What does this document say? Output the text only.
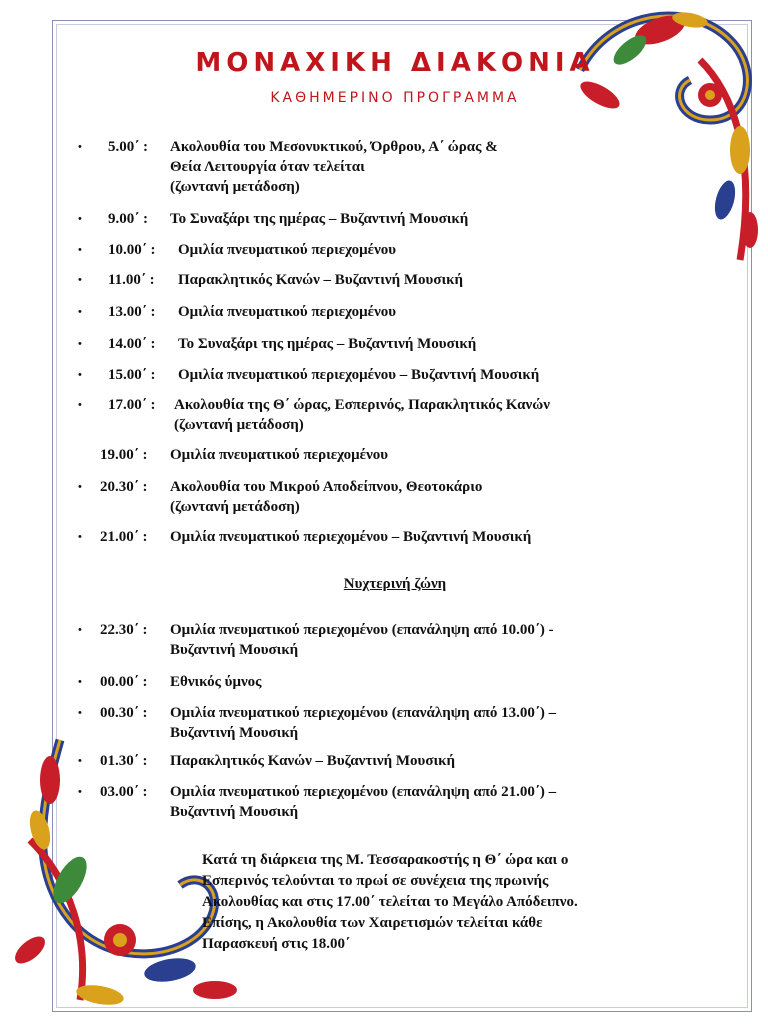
ΜΟΝΑΧΙΚΗ ΔΙΑΚΟΝΙΑ
ΚΑΘΗΜΕΡΙΝΟ ΠΡΟΓΡΑΜΜΑ
• 5.00΄ : Ακολουθία του Μεσονυκτικού, Όρθρου, Α΄ ώρας &
Θεία Λειτουργία όταν τελείται
(ζωντανή μετάδοση)
• 9.00΄ : Το Συναξάρι της ημέρας – Βυζαντινή Μουσική
• 10.00΄ : Ομιλία πνευματικού περιεχομένου
• 11.00΄ : Παρακλητικός Κανών – Βυζαντινή Μουσική
• 13.00΄ : Ομιλία πνευματικού περιεχομένου
• 14.00΄ : Το Συναξάρι της ημέρας – Βυζαντινή Μουσική
• 15.00΄ : Ομιλία πνευματικού περιεχομένου – Βυζαντινή Μουσική
• 17.00΄ : Ακολουθία της Θ΄ ώρας, Εσπερινός, Παρακλητικός Κανών
(ζωντανή μετάδοση)
19.00΄ : Ομιλία πνευματικού περιεχομένου
• 20.30΄ : Ακολουθία του Μικρού Αποδείπνου, Θεοτοκάριο
(ζωντανή μετάδοση)
• 21.00΄ : Ομιλία πνευματικού περιεχομένου – Βυζαντινή Μουσική
Νυχτερινή ζώνη
• 22.30΄ : Ομιλία πνευματικού περιεχομένου (επανάληψη από 10.00΄) -
Βυζαντινή Μουσική
• 00.00΄ : Εθνικός ύμνος
• 00.30΄ : Ομιλία πνευματικού περιεχομένου (επανάληψη από 13.00΄) –
Βυζαντινή Μουσική
• 01.30΄ : Παρακλητικός Κανών – Βυζαντινή Μουσική
• 03.00΄ : Ομιλία πνευματικού περιεχομένου (επανάληψη από 21.00΄) –
Βυζαντινή Μουσική
Κατά τη διάρκεια της Μ. Τεσσαρακοστής η Θ΄ ώρα και ο
Εσπερινός τελούνται το πρωί σε συνέχεια της πρωινής
Ακολουθίας και στις 17.00΄ τελείται το Μεγάλο Απόδειπνο.
Επίσης, η Ακολουθία των Χαιρετισμών τελείται κάθε
Παρασκευή στις 18.00΄
